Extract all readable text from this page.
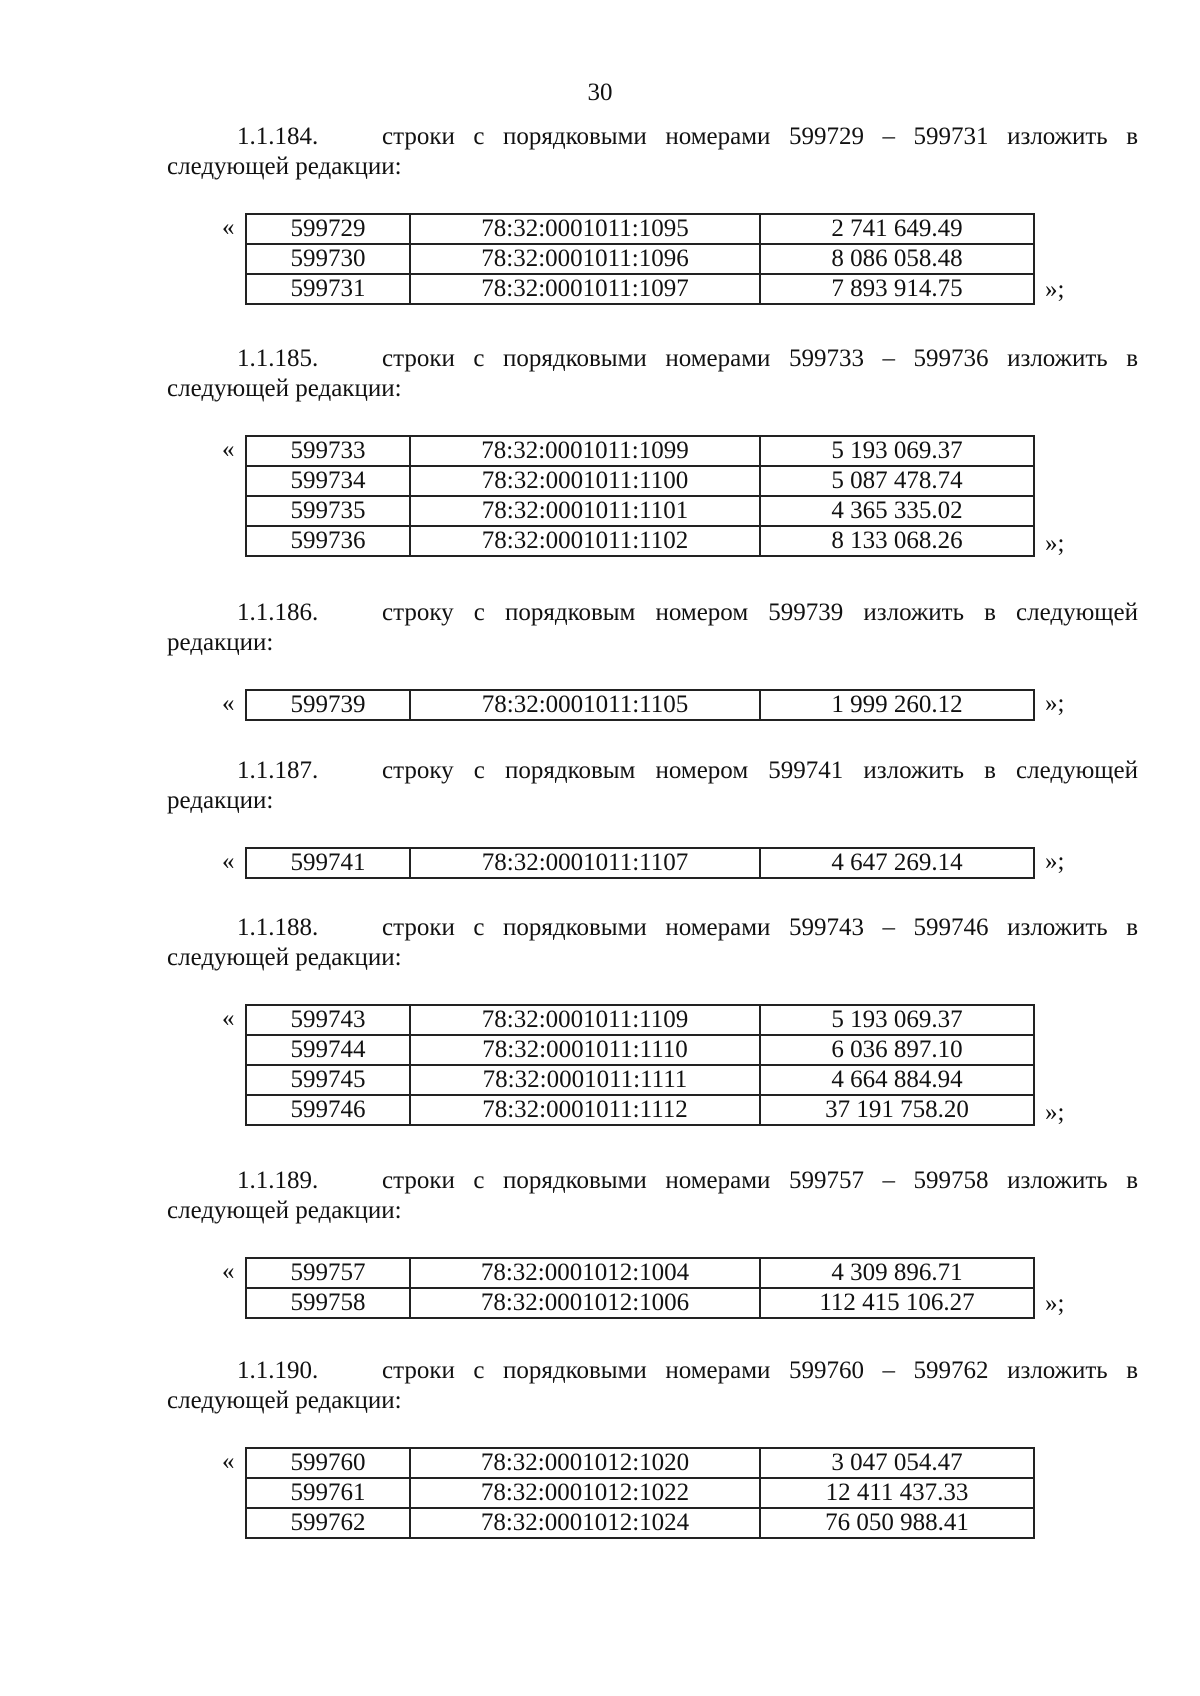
30
1.1.184.	строки с порядковыми номерами 599729 – 599731 изложить в следующей редакции:
« 599729	78:32:0001011:1095	2 741 649.49
599730	78:32:0001011:1096	8 086 058.48
599731	78:32:0001011:1097	7 893 914.75	»;
1.1.185.	строки с порядковыми номерами 599733 – 599736 изложить в следующей редакции:
« 599733	78:32:0001011:1099	5 193 069.37
599734	78:32:0001011:1100	5 087 478.74
599735	78:32:0001011:1101	4 365 335.02
599736	78:32:0001011:1102	8 133 068.26	»;
1.1.186.	строку с порядковым номером 599739 изложить в следующей редакции:
« 599739	78:32:0001011:1105	1 999 260.12	»;
1.1.187.	строку с порядковым номером 599741 изложить в следующей редакции:
« 599741	78:32:0001011:1107	4 647 269.14	»;
1.1.188.	строки с порядковыми номерами 599743 – 599746 изложить в следующей редакции:
« 599743	78:32:0001011:1109	5 193 069.37
599744	78:32:0001011:1110	6 036 897.10
599745	78:32:0001011:1111	4 664 884.94
599746	78:32:0001011:1112	37 191 758.20	»;
1.1.189.	строки с порядковыми номерами 599757 – 599758 изложить в следующей редакции:
« 599757	78:32:0001012:1004	4 309 896.71
599758	78:32:0001012:1006	112 415 106.27	»;
1.1.190.	строки с порядковыми номерами 599760 – 599762 изложить в следующей редакции:
« 599760	78:32:0001012:1020	3 047 054.47
599761	78:32:0001012:1022	12 411 437.33
599762	78:32:0001012:1024	76 050 988.41
